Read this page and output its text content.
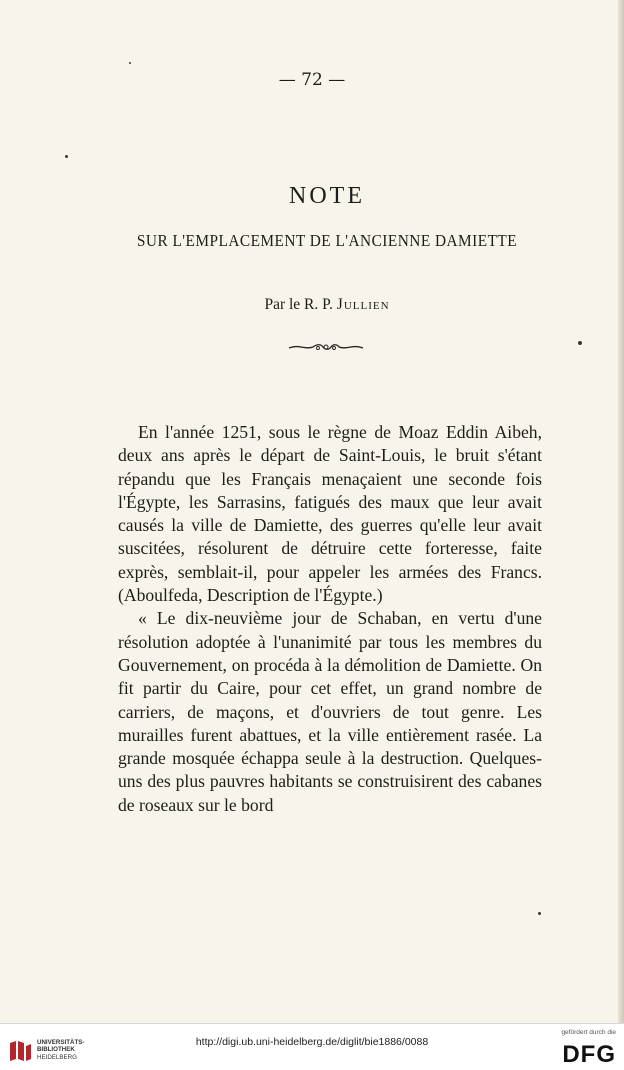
— 72 —
NOTE
SUR L'EMPLACEMENT DE L'ANCIENNE DAMIETTE
Par le R. P. Jullien

En l'année 1251, sous le règne de Moaz Eddin Aibeh, deux ans après le départ de Saint-Louis, le bruit s'étant répandu que les Français menaçaient une seconde fois l'Égypte, les Sarrasins, fatigués des maux que leur avait causés la ville de Damiette, des guerres qu'elle leur avait suscitées, résolurent de détruire cette forteresse, faite exprès, semblait-il, pour appeler les armées des Francs. (Aboulfeda, Description de l'Égypte.)

« Le dix-neuvième jour de Schaban, en vertu d'une résolution adoptée à l'unanimité par tous les membres du Gouvernement, on procéda à la démolition de Damiette. On fit partir du Caire, pour cet effet, un grand nombre de carriers, de maçons, et d'ouvriers de tout genre. Les murailles furent abattues, et la ville entièrement rasée. La grande mosquée échappa seule à la destruction. Quelques-uns des plus pauvres habitants se construisirent des cabanes de roseaux sur le bord

UNIVERSITÄTS-
BIBLIOTHEK
HEIDELBERG
gefördert durch die
DFG
http://digi.ub.uni-heidelberg.de/diglit/bie1886/0088
